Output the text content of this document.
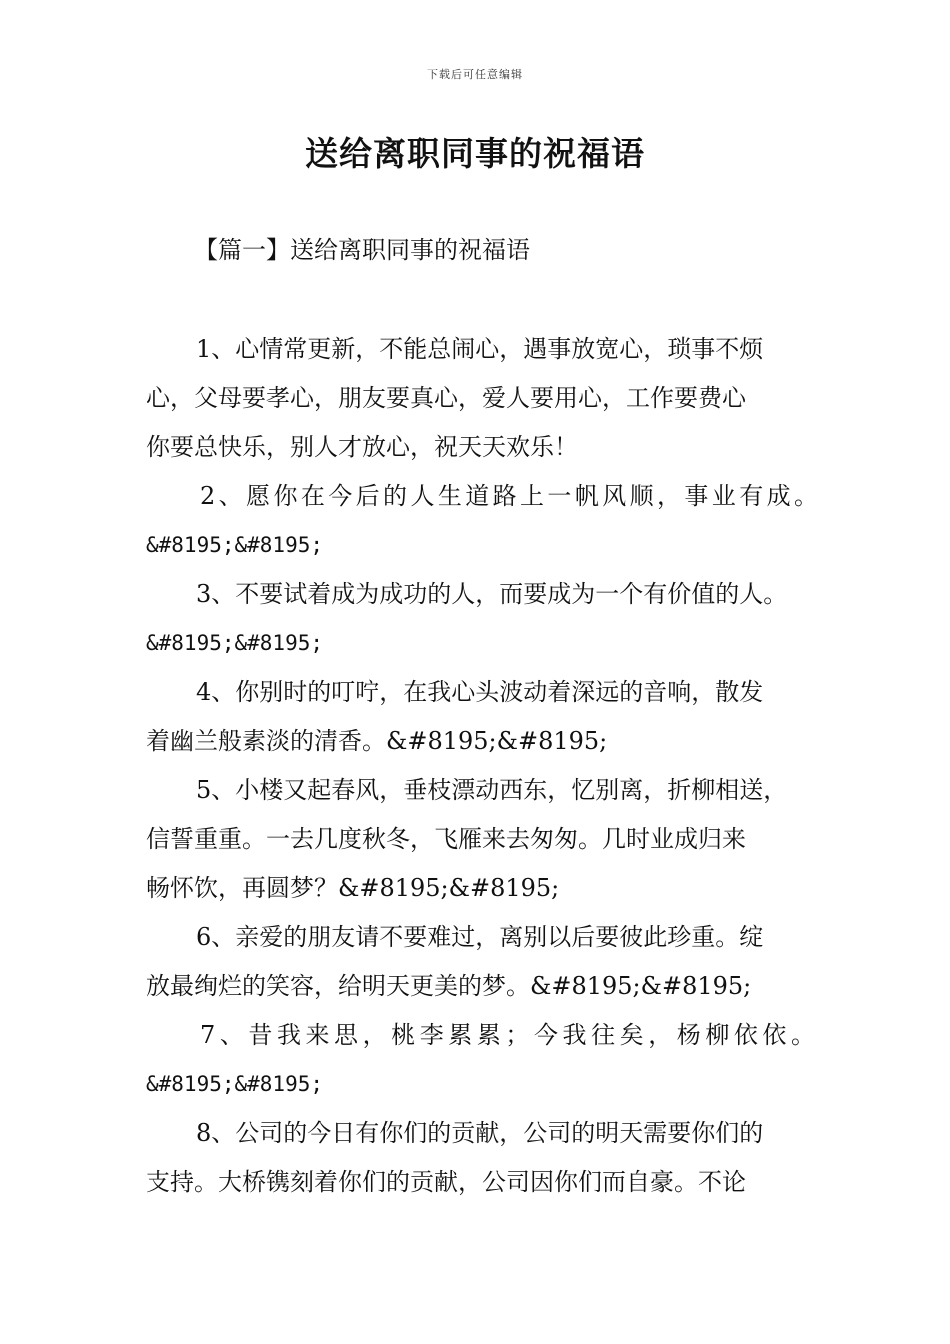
下载后可任意编辑
送给离职同事的祝福语
【篇一】送给离职同事的祝福语
1、心情常更新，不能总闹心，遇事放宽心，琐事不烦
心，父母要孝心，朋友要真心，爱人要用心，工作要费心
你要总快乐，别人才放心，祝天天欢乐！
2、愿你在今后的人生道路上一帆风顺，事业有成。
&#8195;&#8195;
3、不要试着成为成功的人，而要成为一个有价值的人。
&#8195;&#8195;
4、你别时的叮咛，在我心头波动着深远的音响，散发
着幽兰般素淡的清香。&#8195;&#8195;
5、小楼又起春风，垂枝漂动西东，忆别离，折柳相送，
信誓重重。一去几度秋冬，飞雁来去匆匆。几时业成归来
畅怀饮，再圆梦？&#8195;&#8195;
6、亲爱的朋友请不要难过，离别以后要彼此珍重。绽
放最绚烂的笑容，给明天更美的梦。&#8195;&#8195;
7、昔我来思，桃李累累；今我往矣，杨柳依依。
&#8195;&#8195;
8、公司的今日有你们的贡献，公司的明天需要你们的
支持。大桥镌刻着你们的贡献，公司因你们而自豪。不论
